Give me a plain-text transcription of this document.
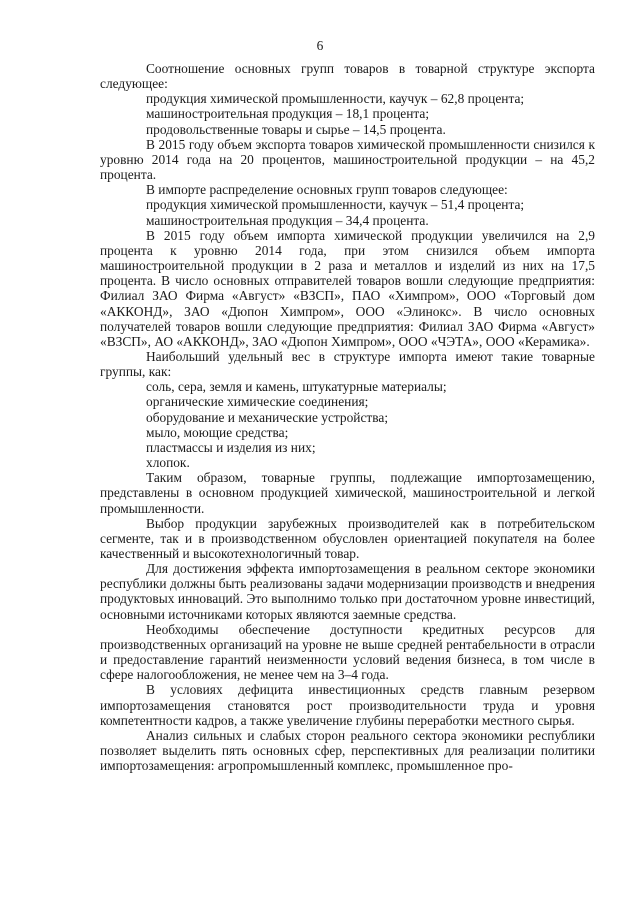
6

Соотношение основных групп товаров в товарной структуре экспорта следующее:

продукция химической промышленности, каучук – 62,8 процента;

машиностроительная продукция – 18,1 процента;

продовольственные товары и сырье – 14,5 процента.

В 2015 году объем экспорта товаров химической промышленности снизился к уровню 2014 года на 20 процентов, машиностроительной продукции – на 45,2 процента.

В импорте распределение основных групп товаров следующее:

продукция химической промышленности, каучук – 51,4 процента;

машиностроительная продукция – 34,4 процента.

В 2015 году объем импорта химической продукции увеличился на 2,9 процента к уровню 2014 года, при этом снизился объем импорта машиностроительной продукции в 2 раза и металлов и изделий из них на 17,5 процента. В число основных отправителей товаров вошли следующие предприятия: Филиал ЗАО Фирма «Август» «ВЗСП», ПАО «Химпром», ООО «Торговый дом «АККОНД», ЗАО «Дюпон Химпром», ООО «Элинокс». В число основных получателей товаров вошли следующие предприятия: Филиал ЗАО Фирма «Август» «ВЗСП», АО «АККОНД», ЗАО «Дюпон Химпром», ООО «ЧЭТА», ООО «Керамика».

Наибольший удельный вес в структуре импорта имеют такие товарные группы, как:

соль, сера, земля и камень, штукатурные материалы;

органические химические соединения;

оборудование и механические устройства;

мыло, моющие средства;

пластмассы и изделия из них;

хлопок.

Таким образом, товарные группы, подлежащие импортозамещению, представлены в основном продукцией химической, машиностроительной и легкой промышленности.

Выбор продукции зарубежных производителей как в потребительском сегменте, так и в производственном обусловлен ориентацией покупателя на более качественный и высокотехнологичный товар.

Для достижения эффекта импортозамещения в реальном секторе экономики республики должны быть реализованы задачи модернизации производств и внедрения продуктовых инноваций. Это выполнимо только при достаточном уровне инвестиций, основными источниками которых являются заемные средства.

Необходимы обеспечение доступности кредитных ресурсов для производственных организаций на уровне не выше средней рентабельности в отрасли и предоставление гарантий неизменности условий ведения бизнеса, в том числе в сфере налогообложения, не менее чем на 3–4 года.

В условиях дефицита инвестиционных средств главным резервом импортозамещения становятся рост производительности труда и уровня компетентности кадров, а также увеличение глубины переработки местного сырья.

Анализ сильных и слабых сторон реального сектора экономики республики позволяет выделить пять основных сфер, перспективных для реализации политики импортозамещения: агропромышленный комплекс, промышленное про-
